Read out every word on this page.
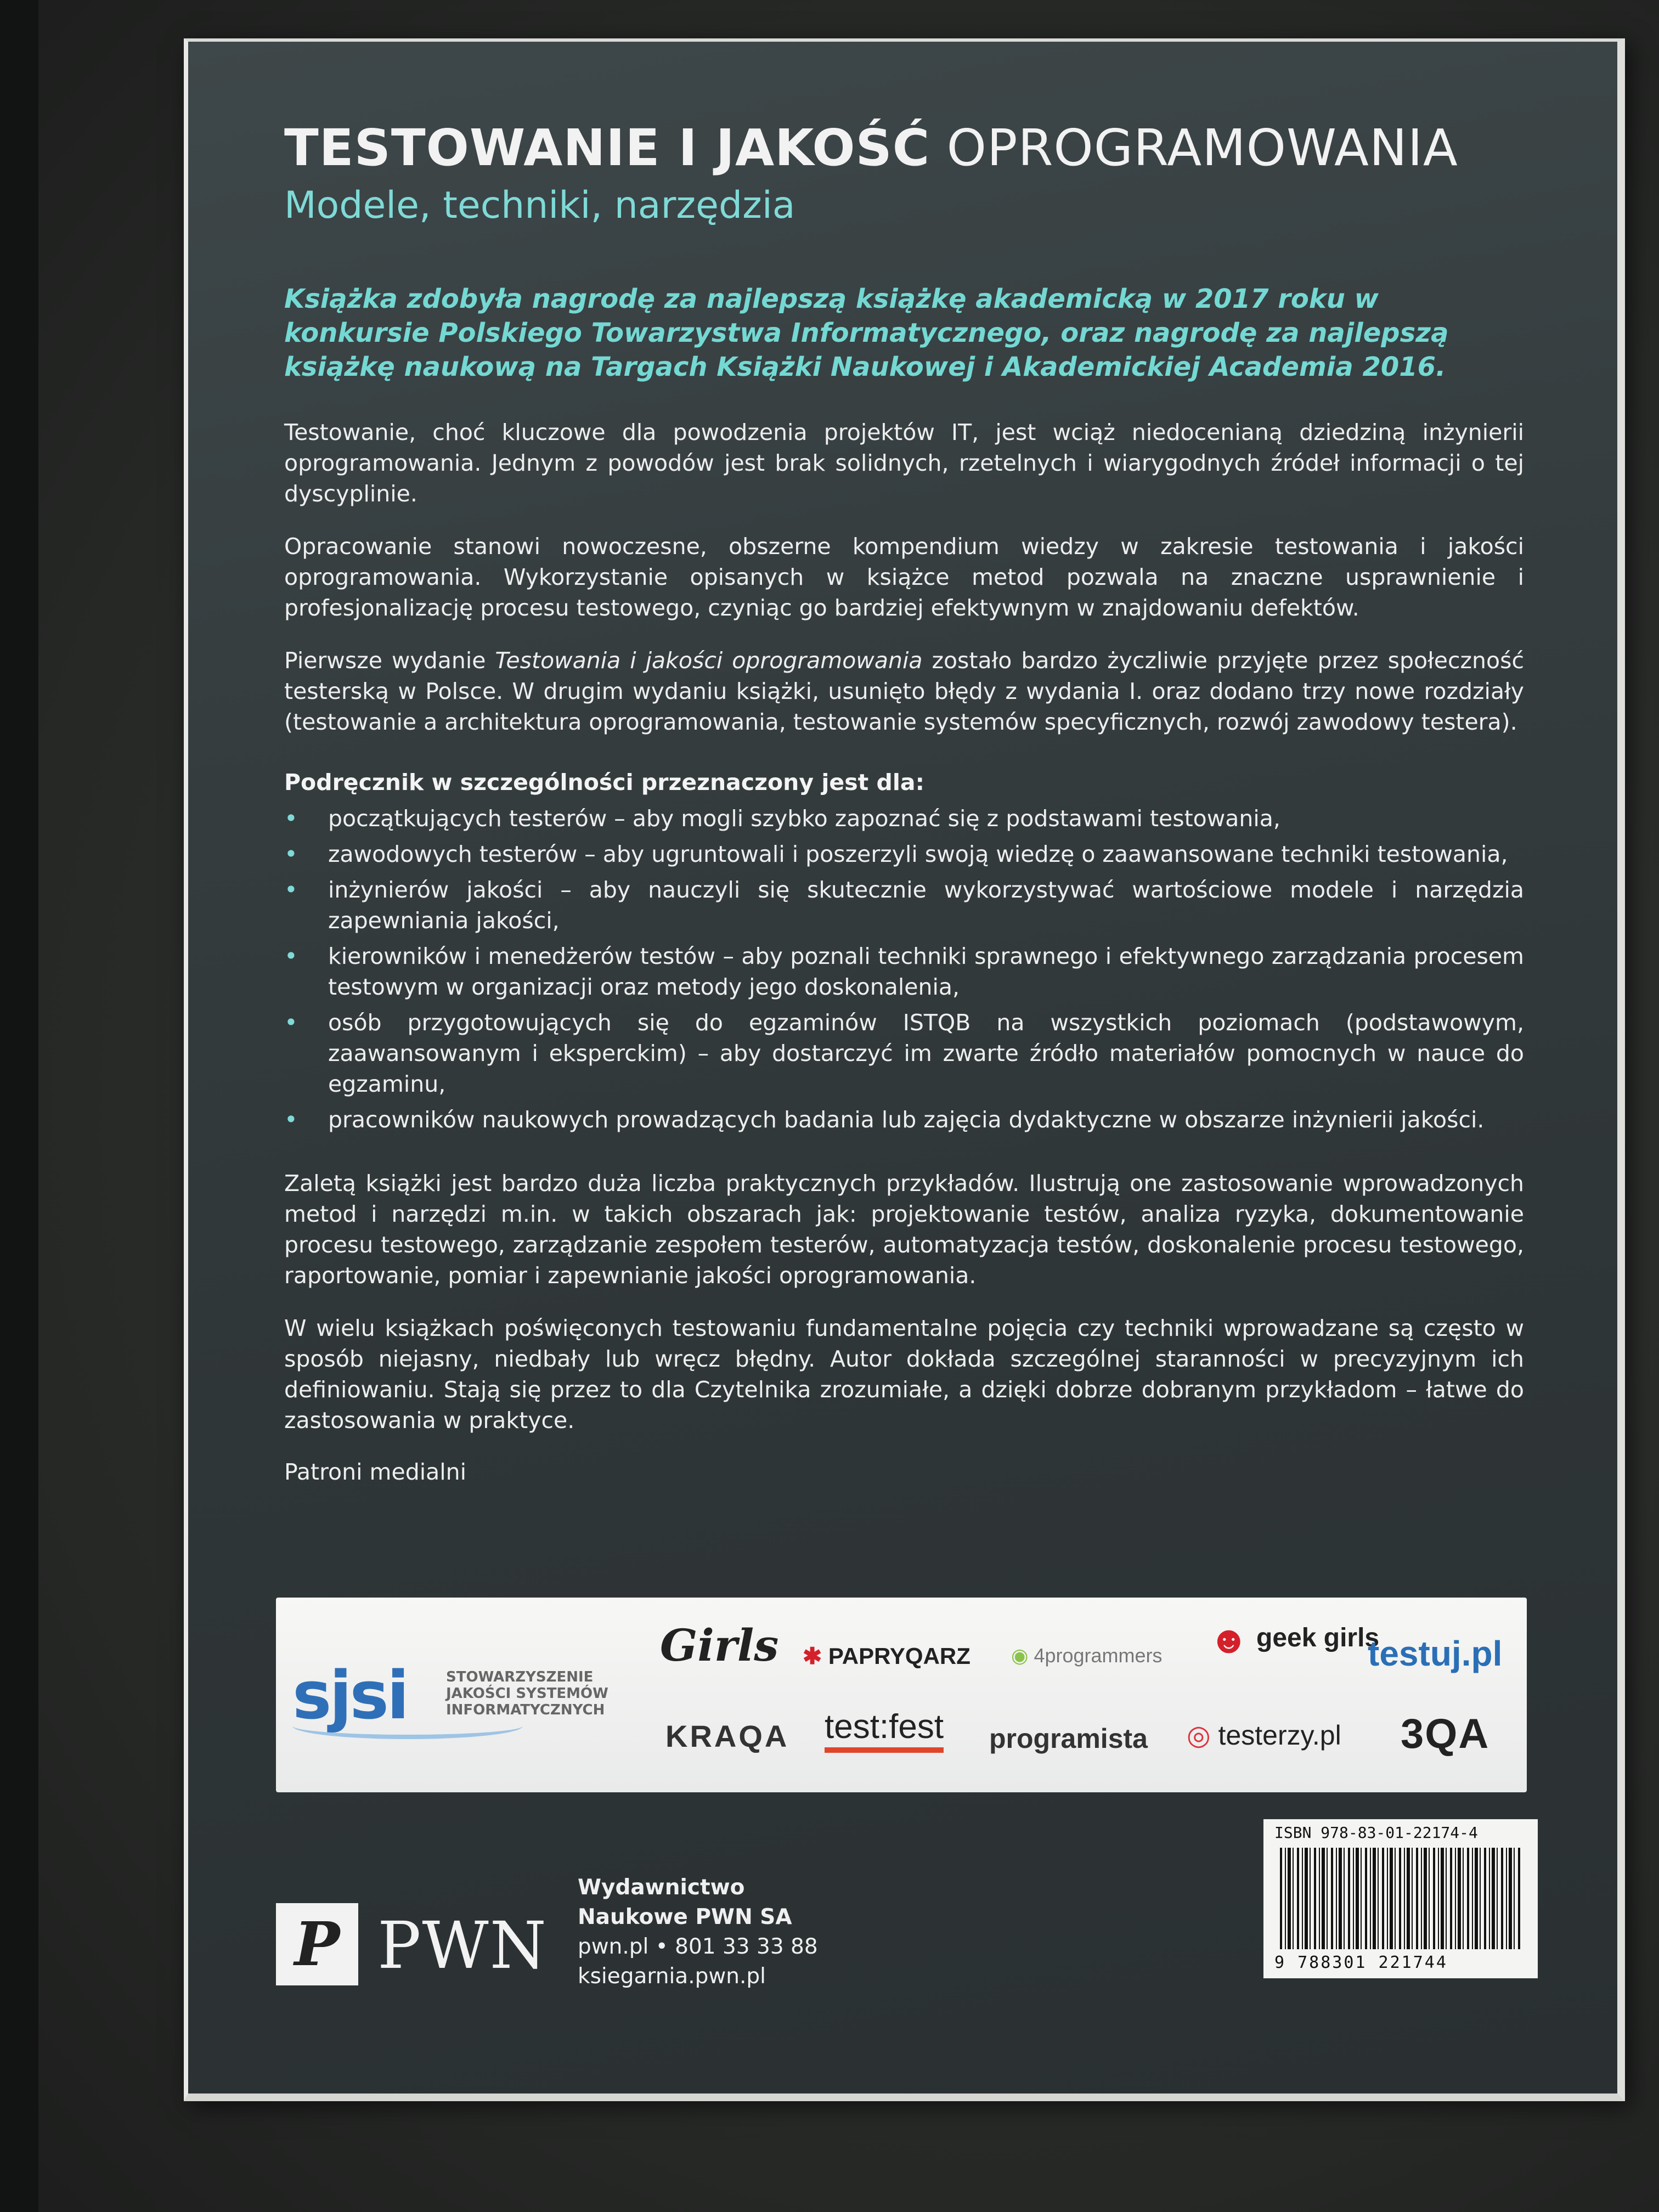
TESTOWANIE I JAKOŚĆ OPROGRAMOWANIA
Modele, techniki, narzędzia
Książka zdobyła nagrodę za najlepszą książkę akademicką w 2017 roku w konkursie Polskiego Towarzystwa Informatycznego, oraz nagrodę za najlepszą książkę naukową na Targach Książki Naukowej i Akademickiej Academia 2016.
Testowanie, choć kluczowe dla powodzenia projektów IT, jest wciąż niedocenianą dziedziną inżynierii oprogramowania. Jednym z powodów jest brak solidnych, rzetelnych i wiarygodnych źródeł informacji o tej dyscyplinie.
Opracowanie stanowi nowoczesne, obszerne kompendium wiedzy w zakresie testowania i jakości oprogramowania. Wykorzystanie opisanych w książce metod pozwala na znaczne usprawnienie i profesjonalizację procesu testowego, czyniąc go bardziej efektywnym w znajdowaniu defektów.
Pierwsze wydanie Testowania i jakości oprogramowania zostało bardzo życzliwie przyjęte przez społeczność testerską w Polsce. W drugim wydaniu książki, usunięto błędy z wydania I. oraz dodano trzy nowe rozdziały (testowanie a architektura oprogramowania, testowanie systemów specyficznych, rozwój zawodowy testera).
Podręcznik w szczególności przeznaczony jest dla:
• początkujących testerów – aby mogli szybko zapoznać się z podstawami testowania,
• zawodowych testerów – aby ugruntowali i poszerzyli swoją wiedzę o zaawansowane techniki testowania,
• inżynierów jakości – aby nauczyli się skutecznie wykorzystywać wartościowe modele i narzędzia zapewniania jakości,
• kierowników i menedżerów testów – aby poznali techniki sprawnego i efektywnego zarządzania procesem testowym w organizacji oraz metody jego doskonalenia,
• osób przygotowujących się do egzaminów ISTQB na wszystkich poziomach (podstawowym, zaawansowanym i eksperckim) – aby dostarczyć im zwarte źródło materiałów pomocnych w nauce do egzaminu,
• pracowników naukowych prowadzących badania lub zajęcia dydaktyczne w obszarze inżynierii jakości.
Zaletą książki jest bardzo duża liczba praktycznych przykładów. Ilustrują one zastosowanie wprowadzonych metod i narzędzi m.in. w takich obszarach jak: projektowanie testów, analiza ryzyka, dokumentowanie procesu testowego, zarządzanie zespołem testerów, automatyzacja testów, doskonalenie procesu testowego, raportowanie, pomiar i zapewnianie jakości oprogramowania.
W wielu książkach poświęconych testowaniu fundamentalne pojęcia czy techniki wprowadzane są często w sposób niejasny, niedbały lub wręcz błędny. Autor dokłada szczególnej staranności w precyzyjnym ich definiowaniu. Stają się przez to dla Czytelnika zrozumiałe, a dzięki dobrze dobranym przykładom – łatwe do zastosowania w praktyce.
Patroni medialni
sjsi	STOWARZYSZENIE JAKOŚCI SYSTEMÓW INFORMATYCZNYCH
Girls ✱ PAPRYQARZ ◉ 4programmers ☻ geek girls
testuj.pl
KRAQA test:fest programista ◎ testerzy.pl 3QA
P PWN
Wydawnictwo
Naukowe PWN SA
pwn.pl • 801 33 33 88
ksiegarnia.pwn.pl
ISBN 978-83-01-22174-4
9 788301 221744
